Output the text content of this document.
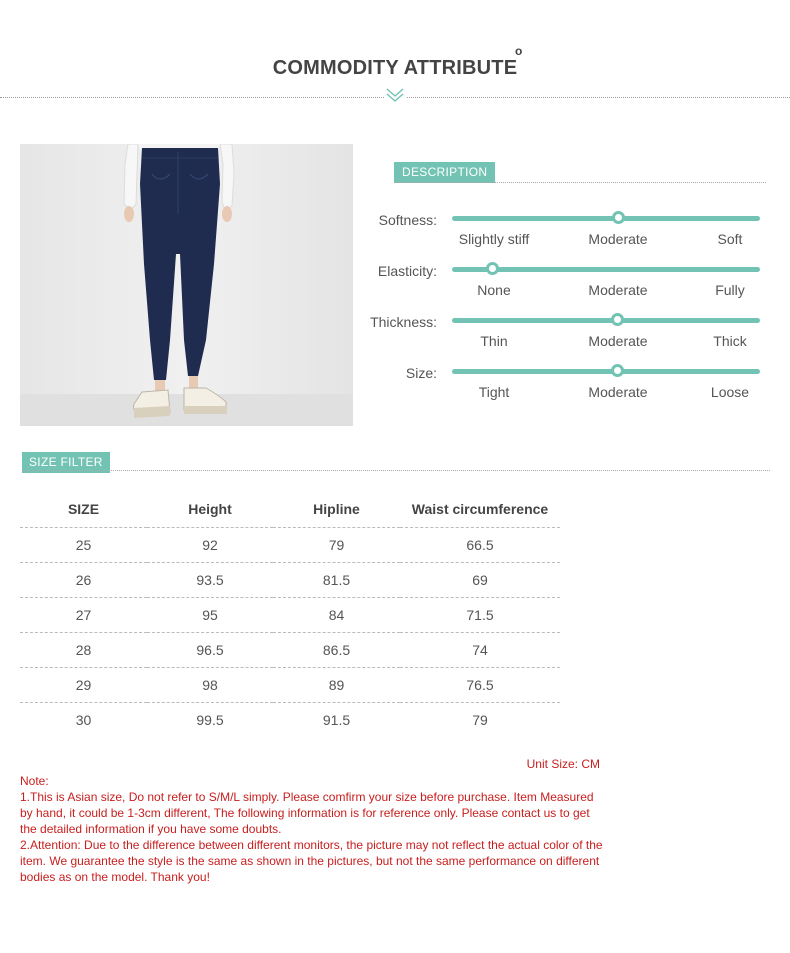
COMMODITY ATTRIBUTE
o
DESCRIPTION
Softness:
Slightly stiff	Moderate	Soft
Elasticity:
None	Moderate	Fully
Thickness:
Thin	Moderate	Thick
Size:
Tight	Moderate	Loose
SIZE FILTER
SIZE	Height	Hipline	Waist circumference
25	92	79	66.5
26	93.5	81.5	69
27	95	84	71.5
28	96.5	86.5	74
29	98	89	76.5
30	99.5	91.5	79
Unit Size: CM

Note:

1.This is Asian size, Do not refer to S/M/L simply. Please comfirm your size before purchase. Item Measured by hand, it could be 1-3cm different, The following information is for reference only. Please contact us to get the detailed information if you have some doubts.

2.Attention: Due to the difference between different monitors, the picture may not reflect the actual color of the item. We guarantee the style is the same as shown in the pictures, but not the same performance on different bodies as on the model. Thank you!
